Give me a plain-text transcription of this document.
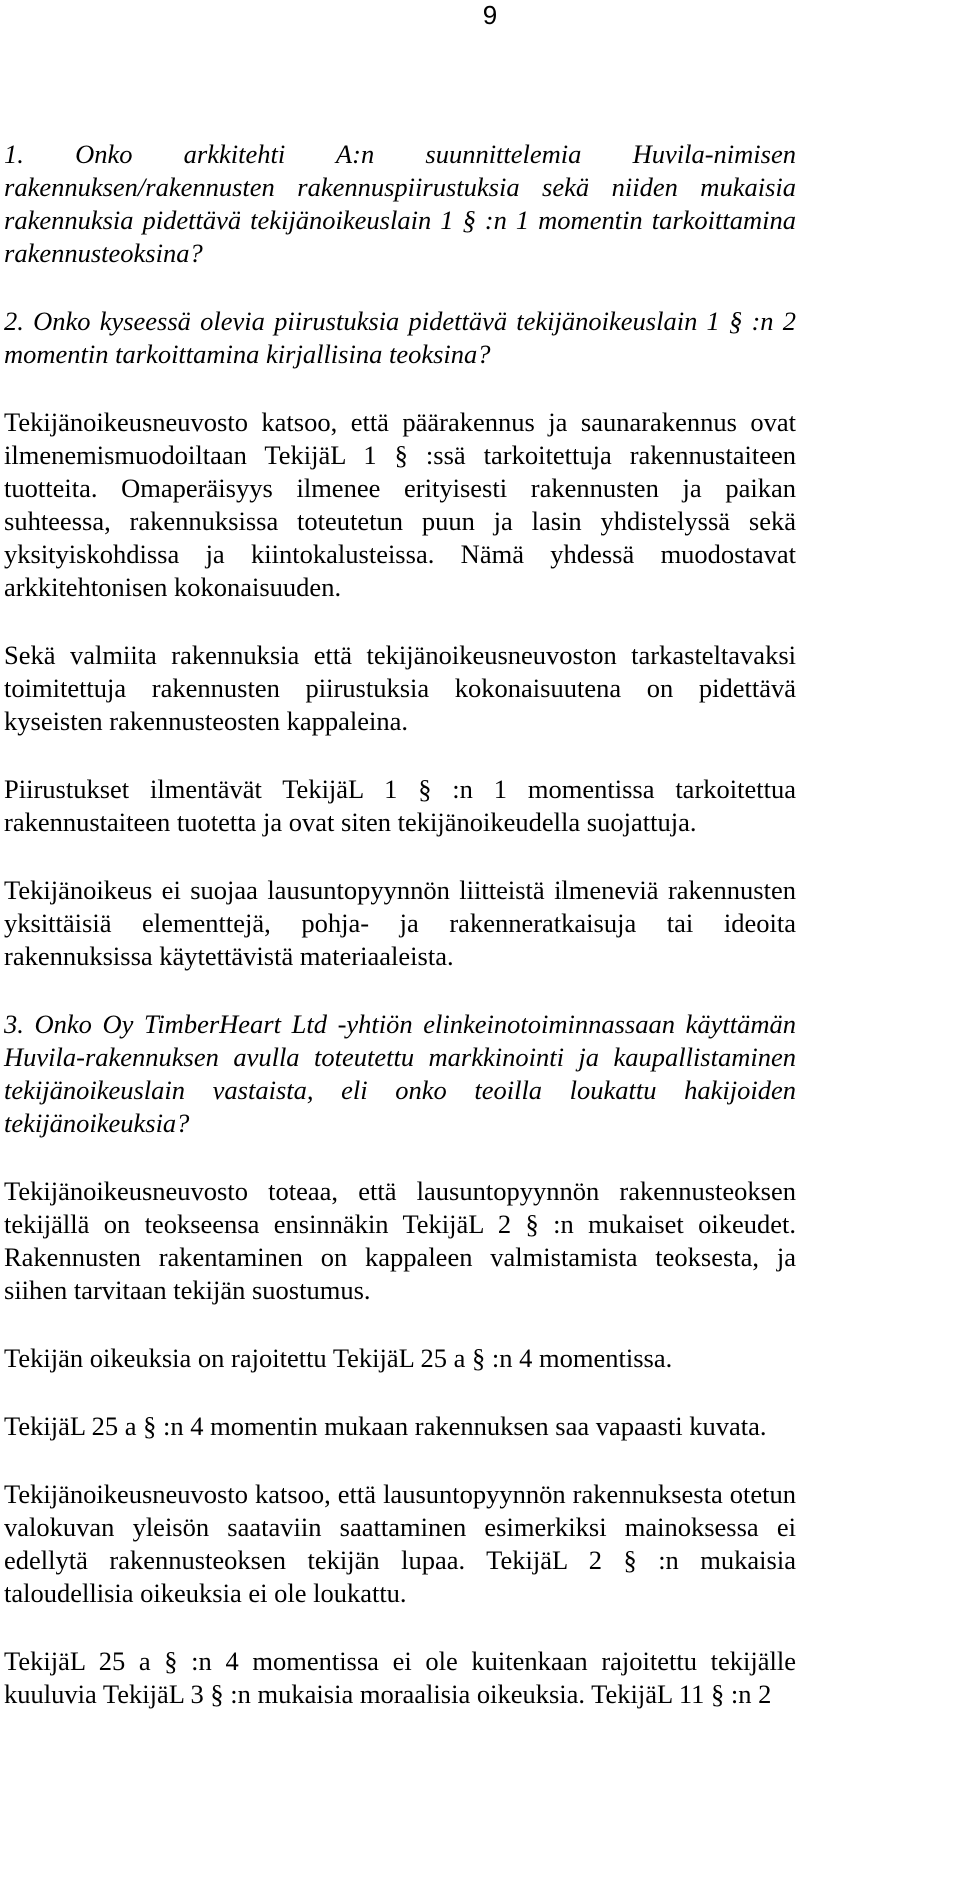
9

1. Onko arkkitehti A:n suunnittelemia Huvila-nimisen rakennuksen/rakennusten rakennuspiirustuksia sekä niiden mukaisia rakennuksia pidettävä tekijänoikeuslain 1 § :n 1 momentin tarkoittamina rakennusteoksina?

2. Onko kyseessä olevia piirustuksia pidettävä tekijänoikeuslain 1 § :n 2 momentin tarkoittamina kirjallisina teoksina?

Tekijänoikeusneuvosto katsoo, että päärakennus ja saunarakennus ovat ilmenemismuodoiltaan TekijäL 1 § :ssä tarkoitettuja rakennustaiteen tuotteita. Omaperäisyys ilmenee erityisesti rakennusten ja paikan suhteessa, rakennuksissa toteutetun puun ja lasin yhdistelyssä sekä yksityiskohdissa ja kiintokalusteissa. Nämä yhdessä muodostavat arkkitehtonisen kokonaisuuden.

Sekä valmiita rakennuksia että tekijänoikeusneuvoston tarkasteltavaksi toimitettuja rakennusten piirustuksia kokonaisuutena on pidettävä kyseisten rakennusteosten kappaleina.

Piirustukset ilmentävät TekijäL 1 § :n 1 momentissa tarkoitettua rakennustaiteen tuotetta ja ovat siten tekijänoikeudella suojattuja.

Tekijänoikeus ei suojaa lausuntopyynnön liitteistä ilmeneviä rakennusten yksittäisiä elementtejä, pohja- ja rakenneratkaisuja tai ideoita rakennuksissa käytettävistä materiaaleista.

3. Onko Oy TimberHeart Ltd -yhtiön elinkeinotoiminnassaan käyttämän Huvila-rakennuksen avulla toteutettu markkinointi ja kaupallistaminen tekijänoikeuslain vastaista, eli onko teoilla loukattu hakijoiden tekijänoikeuksia?

Tekijänoikeusneuvosto toteaa, että lausuntopyynnön rakennusteoksen tekijällä on teokseensa ensinnäkin TekijäL 2 § :n mukaiset oikeudet. Rakennusten rakentaminen on kappaleen valmistamista teoksesta, ja siihen tarvitaan tekijän suostumus.

Tekijän oikeuksia on rajoitettu TekijäL 25 a § :n 4 momentissa.

TekijäL 25 a § :n 4 momentin mukaan rakennuksen saa vapaasti kuvata.

Tekijänoikeusneuvosto katsoo, että lausuntopyynnön rakennuksesta otetun valokuvan yleisön saataviin saattaminen esimerkiksi mainoksessa ei edellytä rakennusteoksen tekijän lupaa. TekijäL 2 § :n mukaisia taloudellisia oikeuksia ei ole loukattu.

TekijäL 25 a § :n 4 momentissa ei ole kuitenkaan rajoitettu tekijälle kuuluvia TekijäL 3 § :n mukaisia moraalisia oikeuksia. TekijäL 11 § :n 2
